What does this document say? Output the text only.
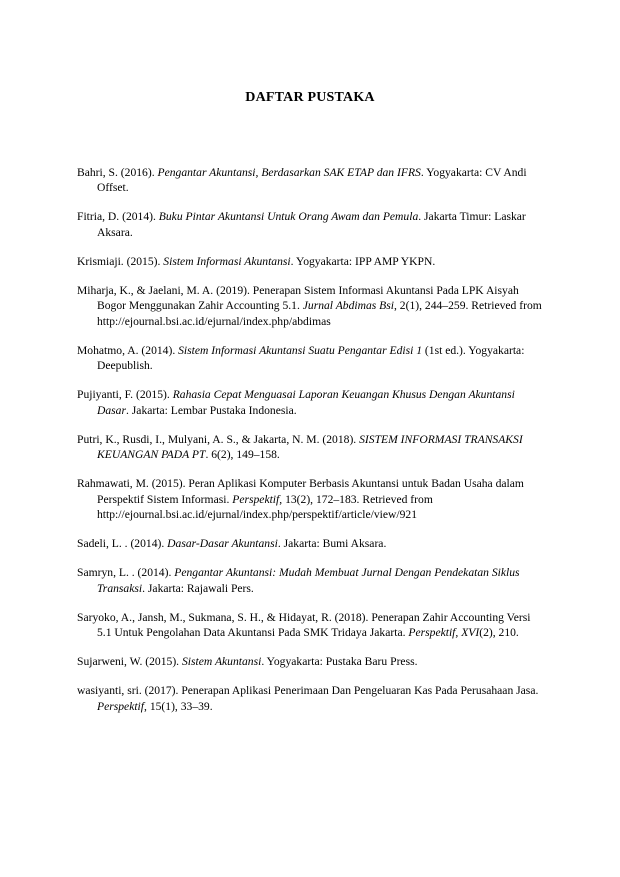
DAFTAR PUSTAKA

Bahri, S. (2016). Pengantar Akuntansi, Berdasarkan SAK ETAP dan IFRS. Yogyakarta: CV Andi Offset.

Fitria, D. (2014). Buku Pintar Akuntansi Untuk Orang Awam dan Pemula. Jakarta Timur: Laskar Aksara.

Krismiaji. (2015). Sistem Informasi Akuntansi. Yogyakarta: IPP AMP YKPN.

Miharja, K., & Jaelani, M. A. (2019). Penerapan Sistem Informasi Akuntansi Pada LPK Aisyah Bogor Menggunakan Zahir Accounting 5.1. Jurnal Abdimas Bsi, 2(1), 244–259. Retrieved from http://ejournal.bsi.ac.id/ejurnal/index.php/abdimas

Mohatmo, A. (2014). Sistem Informasi Akuntansi Suatu Pengantar Edisi 1 (1st ed.). Yogyakarta: Deepublish.

Pujiyanti, F. (2015). Rahasia Cepat Menguasai Laporan Keuangan Khusus Dengan Akuntansi Dasar. Jakarta: Lembar Pustaka Indonesia.

Putri, K., Rusdi, I., Mulyani, A. S., & Jakarta, N. M. (2018). SISTEM INFORMASI TRANSAKSI KEUANGAN PADA PT. 6(2), 149–158.

Rahmawati, M. (2015). Peran Aplikasi Komputer Berbasis Akuntansi untuk Badan Usaha dalam Perspektif Sistem Informasi. Perspektif, 13(2), 172–183. Retrieved from http://ejournal.bsi.ac.id/ejurnal/index.php/perspektif/article/view/921

Sadeli, L. . (2014). Dasar-Dasar Akuntansi. Jakarta: Bumi Aksara.

Samryn, L. . (2014). Pengantar Akuntansi: Mudah Membuat Jurnal Dengan Pendekatan Siklus Transaksi. Jakarta: Rajawali Pers.

Saryoko, A., Jansh, M., Sukmana, S. H., & Hidayat, R. (2018). Penerapan Zahir Accounting Versi 5.1 Untuk Pengolahan Data Akuntansi Pada SMK Tridaya Jakarta. Perspektif, XVI(2), 210.

Sujarweni, W. (2015). Sistem Akuntansi. Yogyakarta: Pustaka Baru Press.

wasiyanti, sri. (2017). Penerapan Aplikasi Penerimaan Dan Pengeluaran Kas Pada Perusahaan Jasa. Perspektif, 15(1), 33–39.
